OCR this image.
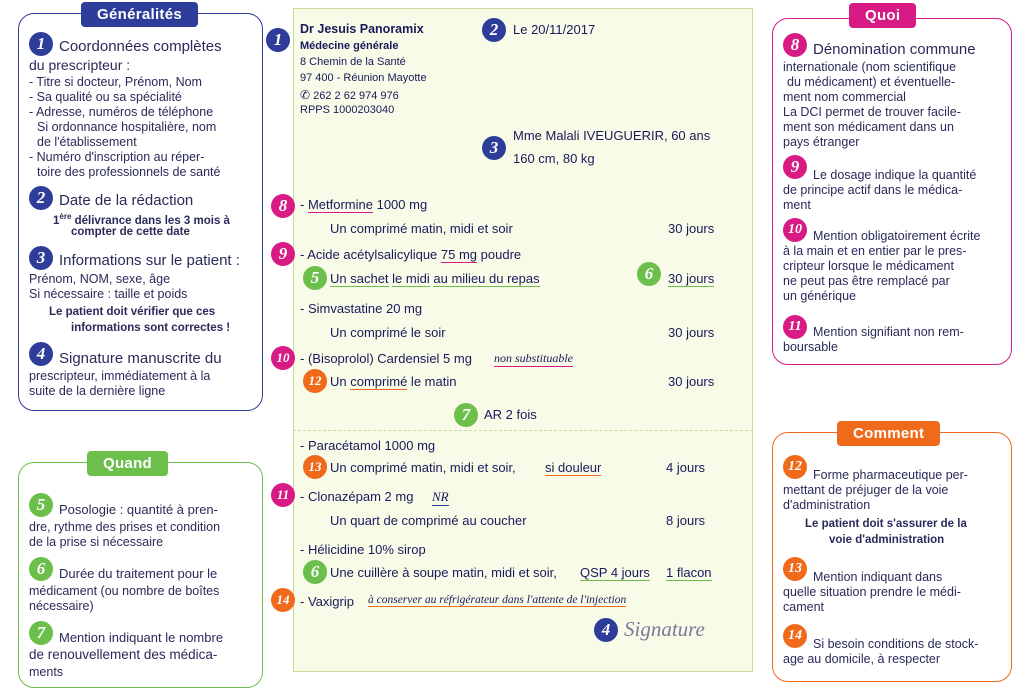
Généralités
1 Coordonnées complètes
du prescripteur :
- Titre si docteur, Prénom, Nom
- Sa qualité ou sa spécialité
- Adresse, numéros de téléphone
Si ordonnance hospitalière, nom
de l'établissement
- Numéro d'inscription au réper-
toire des professionnels de santé
2 Date de la rédaction
1ère délivrance dans les 3 mois à
compter de cette date
3 Informations sur le patient :
Prénom, NOM, sexe, âge
Si nécessaire : taille et poids
Le patient doit vérifier que ces
informations sont correctes !
4 Signature manuscrite du
prescripteur, immédiatement à la
suite de la dernière ligne
Quand
5	Posologie : quantité à pren-
dre, rythme des prises et condition
de la prise si nécessaire
6	Durée du traitement pour le
médicament (ou nombre de boîtes
nécessaire)
7	Mention indiquant le nombre
de renouvellement des médica-
ments
Quoi
8 Dénomination commune
internationale (nom scientifique
du médicament) et éventuelle-
ment nom commercial
La DCI permet de trouver facile-
ment son médicament dans un
pays étranger
9	Le dosage indique la quantité
de principe actif dans le médica-
ment
10 Mention obligatoirement écrite
à la main et en entier par le pres-
cripteur lorsque le médicament
ne peut pas être remplacé par
un générique
11 Mention signifiant non rem-
boursable
Comment
12
Forme pharmaceutique per-
mettant de préjuger de la voie
d'administration
Le patient doit s'assurer de la
voie d'administration
13
Mention indiquant dans
quelle situation prendre le médi-
cament
14
Si besoin conditions de stock-
age au domicile, à respecter
1
Dr Jesuis Panoramix
Médecine générale
8 Chemin de la Santé
97 400 - Réunion Mayotte
✆ 262 2 62 974 976
RPPS 1000203040
2	Le 20/11/2017
3
Mme Malali IVEUGUERIR, 60 ans
160 cm, 80 kg
8 - Metformine 1000 mg
Un comprimé matin, midi et soir	30 jours
9 - Acide acétylsalicylique 75 mg poudre
5 Un sachet le midi au milieu du repas	6	30 jours
- Simvastatine 20 mg
Un comprimé le soir	30 jours
10 - (Bisoprolol) Cardensiel 5 mg non substituable
12 Un comprimé le matin	30 jours
7	AR 2 fois
- Paracétamol 1000 mg
13 Un comprimé matin, midi et soir, si douleur	4 jours
11 - Clonazépam 2 mg NR
Un quart de comprimé au coucher	8 jours
- Hélicidine 10% sirop
6 Une cuillère à soupe matin, midi et soir, QSP 4 jours 1 flacon
14 - Vaxigrip à conserver au réfrigérateur dans l'attente de l'injection
4 Signature
